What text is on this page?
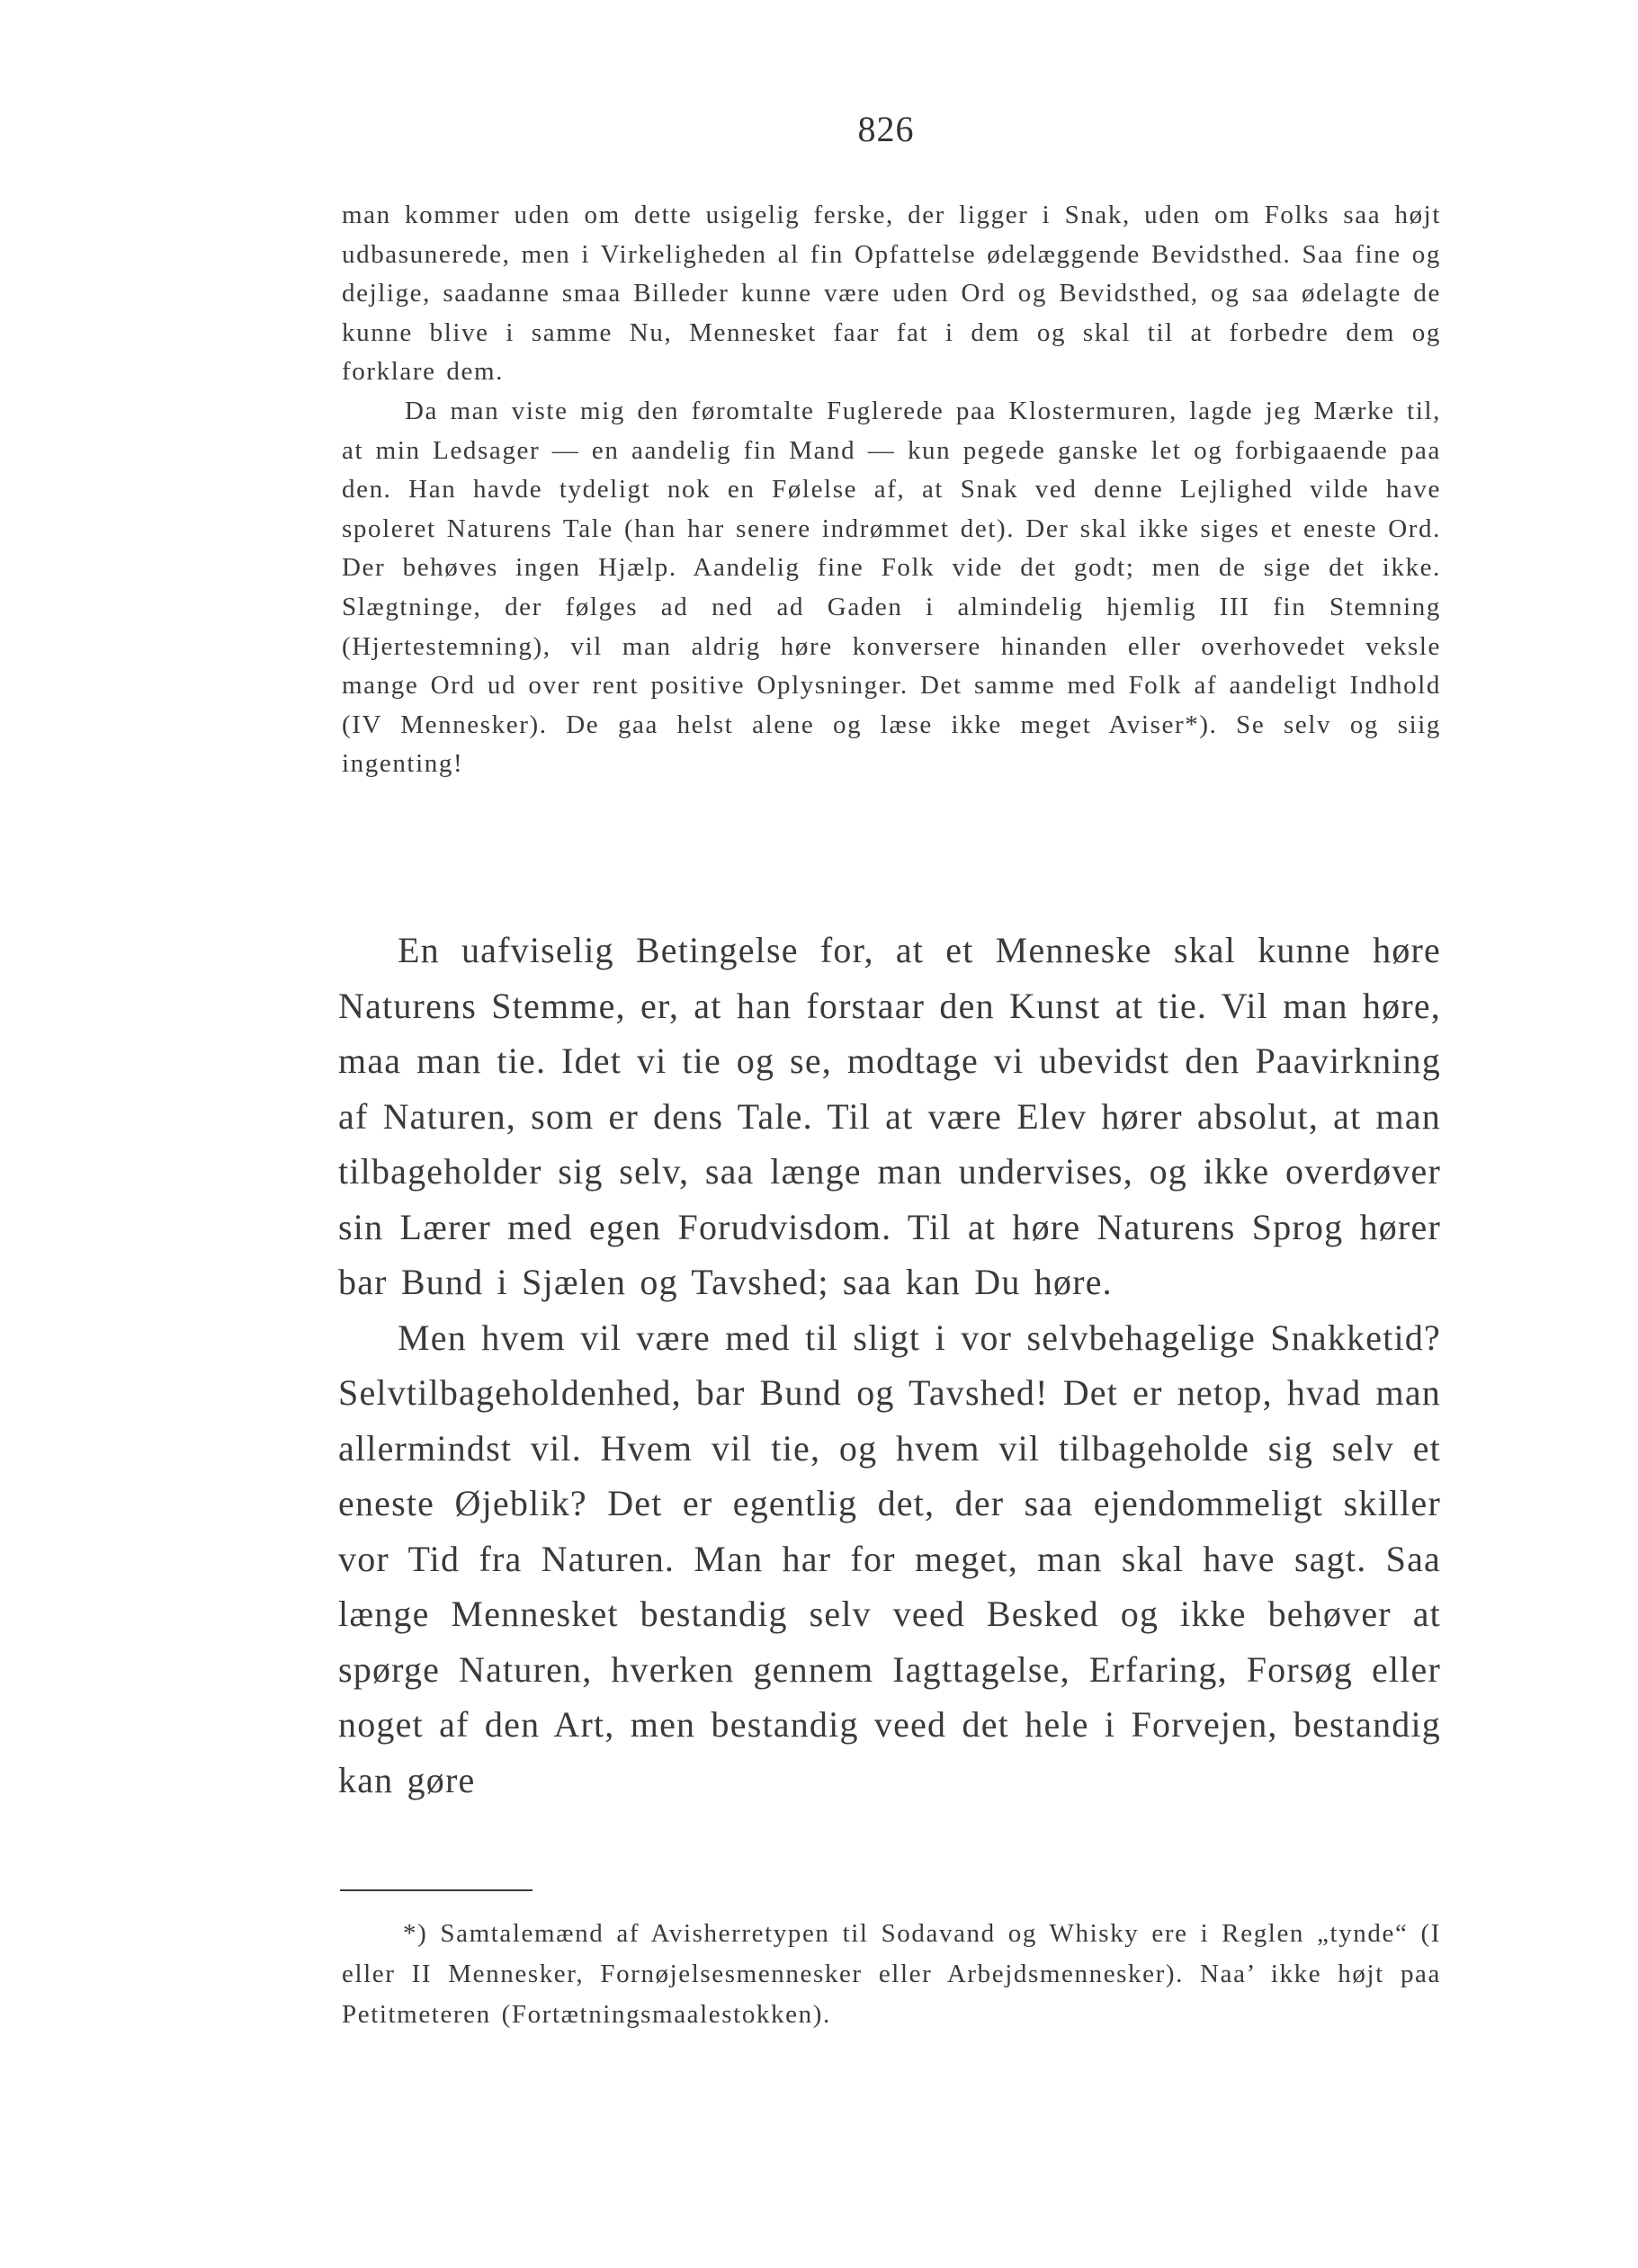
826

man kommer uden om dette usigelig ferske, der ligger i Snak, uden om Folks saa højt udbasunerede, men i Virkeligheden al fin Opfattelse ødelæggende Bevidsthed. Saa fine og dejlige, saadanne smaa Billeder kunne være uden Ord og Bevidsthed, og saa ødelagte de kunne blive i samme Nu, Mennesket faar fat i dem og skal til at forbedre dem og forklare dem.

Da man viste mig den føromtalte Fuglerede paa Klostermuren, lagde jeg Mærke til, at min Ledsager — en aandelig fin Mand — kun pegede ganske let og forbigaaende paa den. Han havde tydeligt nok en Følelse af, at Snak ved denne Lejlighed vilde have spoleret Naturens Tale (han har senere indrømmet det). Der skal ikke siges et eneste Ord. Der behøves ingen Hjælp. Aandelig fine Folk vide det godt; men de sige det ikke. Slægtninge, der følges ad ned ad Gaden i almindelig hjemlig III fin Stemning (Hjertestemning), vil man aldrig høre konversere hinanden eller overhovedet veksle mange Ord ud over rent positive Oplysninger. Det samme med Folk af aandeligt Indhold (IV Mennesker). De gaa helst alene og læse ikke meget Aviser*). Se selv og siig ingenting!

En uafviselig Betingelse for, at et Menneske skal kunne høre Naturens Stemme, er, at han forstaar den Kunst at tie. Vil man høre, maa man tie. Idet vi tie og se, modtage vi ubevidst den Paavirkning af Naturen, som er dens Tale. Til at være Elev hører absolut, at man tilbageholder sig selv, saa længe man undervises, og ikke overdøver sin Lærer med egen Forudvisdom. Til at høre Naturens Sprog hører bar Bund i Sjælen og Tavshed; saa kan Du høre.

Men hvem vil være med til sligt i vor selvbehagelige Snakketid? Selvtilbageholdenhed, bar Bund og Tavshed! Det er netop, hvad man allermindst vil. Hvem vil tie, og hvem vil tilbageholde sig selv et eneste Øjeblik? Det er egentlig det, der saa ejendommeligt skiller vor Tid fra Naturen. Man har for meget, man skal have sagt. Saa længe Mennesket bestandig selv veed Besked og ikke behøver at spørge Naturen, hverken gennem Iagttagelse, Erfaring, Forsøg eller noget af den Art, men bestandig veed det hele i Forvejen, bestandig kan gøre

*) Samtalemænd af Avisherretypen til Sodavand og Whisky ere i Reglen „tynde“ (I eller II Mennesker, Fornøjelsesmennesker eller Arbejdsmennesker). Naa’ ikke højt paa Petitmeteren (Fortætningsmaalestokken).
